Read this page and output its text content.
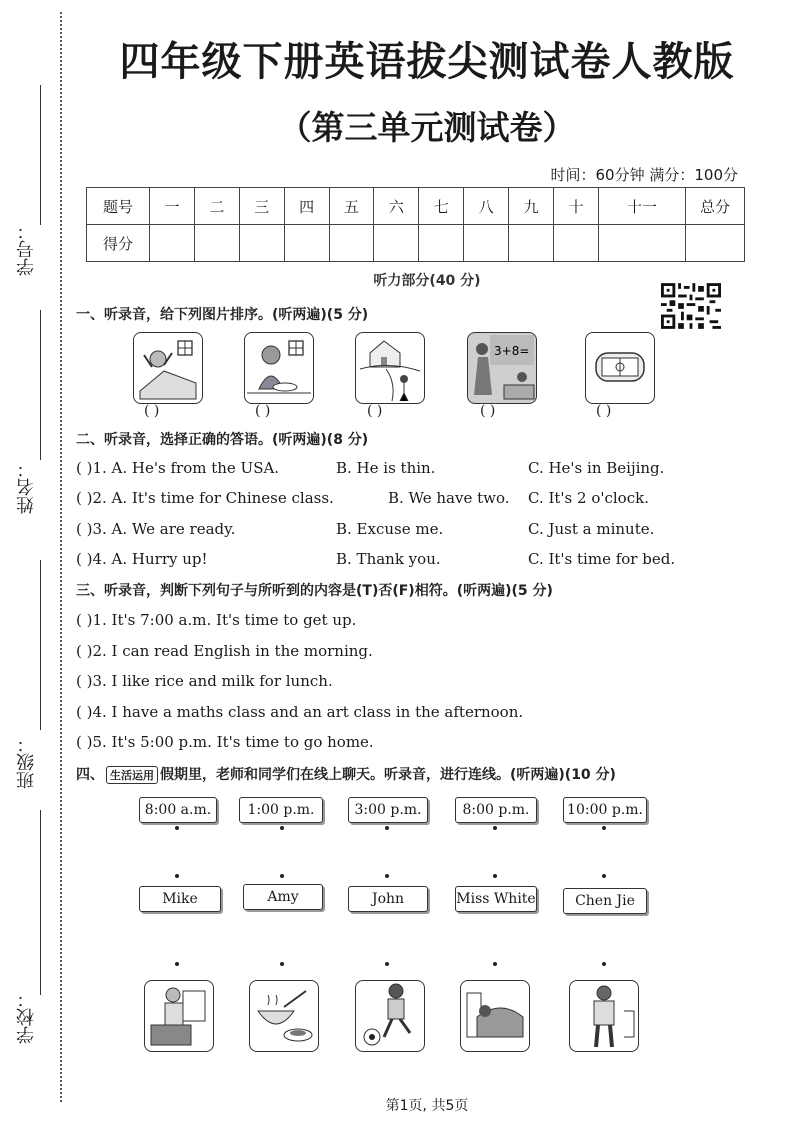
学号：
姓名：
班级：
学校：
四年级下册英语拔尖测试卷人教版
（第三单元测试卷）
时间：60分钟 满分：100分
题号	一	二	三	四	五	六	七	八	九	十	十一	总分
得分												
听力部分(40 分)
一、听录音，给下列图片排序。(听两遍)(5 分)
3+8=
( )	( )	( )	( )	( )
二、听录音，选择正确的答语。(听两遍)(8 分)
( )1. A. He's from the USA.	B. He is thin.	C. He's in Beijing.
( )2. A. It's time for Chinese class.	B. We have two. C. It's 2 o'clock.
( )3. A. We are ready.	B. Excuse me.	C. Just a minute.
( )4. A. Hurry up!	B. Thank you.	C. It's time for bed.
三、听录音，判断下列句子与所听到的内容是(T)否(F)相符。(听两遍)(5 分)
( )1. It's 7:00 a.m. It's time to get up.
( )2. I can read English in the morning.
( )3. I like rice and milk for lunch.
( )4. I have a maths class and an art class in the afternoon.
( )5. It's 5:00 p.m. It's time to go home.
四、 生活运用 假期里，老师和同学们在线上聊天。听录音，进行连线。(听两遍)(10 分)
8:00 a.m.	1:00 p.m.	3:00 p.m.	8:00 p.m.	10:00 p.m.
Mike	Amy	John	Miss White	Chen Jie
第1页, 共5页
